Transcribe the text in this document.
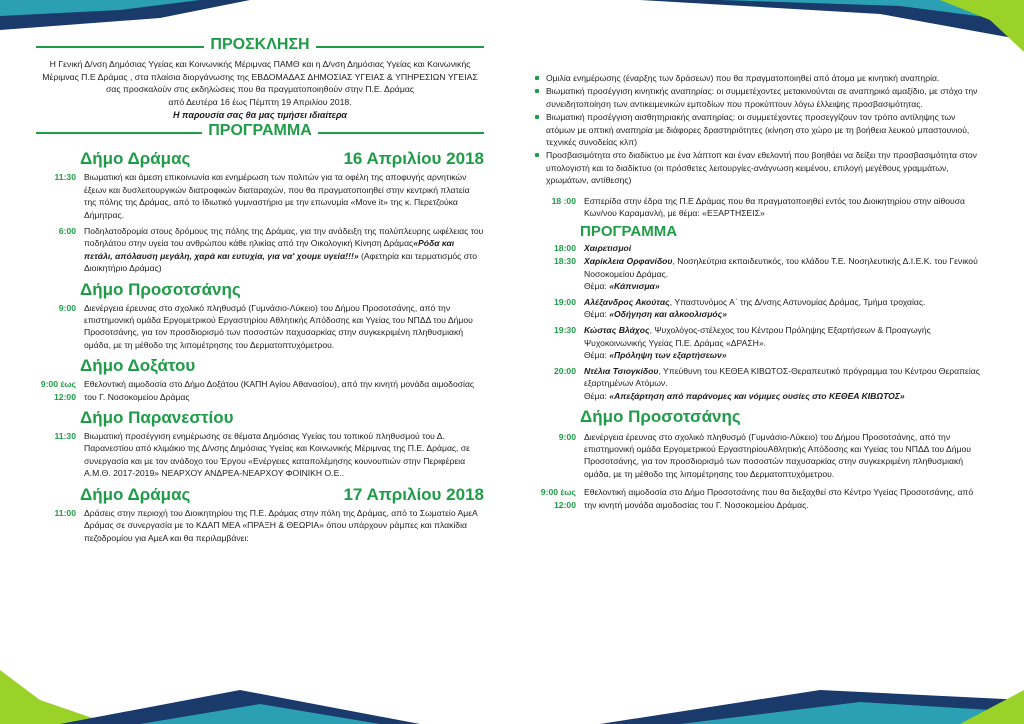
ΠΡΟΣΚΛΗΣΗ
Η Γενική Δ/νση Δημόσιας Υγείας και Κοινωνικής Μέριμνας ΠΑΜΘ και η Δ/νση Δημόσιας Υγείας και Κοινωνικής
Μέριμνας Π.Ε Δράμας , στα πλαίσια διοργάνωσης της ΕΒΔΟΜΑΔΑΣ ΔΗΜΟΣΙΑΣ ΥΓΕΙΑΣ & ΥΠΗΡΕΣΙΩΝ ΥΓΕΙΑΣ
σας προσκαλούν στις εκδηλώσεις που θα πραγματοποιηθούν στην Π.Ε. Δράμας
από Δευτέρα 16 έως Πέμπτη 19 Απριλίου 2018.
Η παρουσία σας θα μας τιμήσει ιδιαίτερα
ΠΡΟΓΡΑΜΜΑ
Δήμο Δράμας	16 Απριλίου 2018
11:30 Βιωματική και άμεση επικοινωνία και ενημέρωση των πολιτών για τα οφέλη της αποφυγής αρνητικών έξεων και δυσλειτουργικών διατροφικών διαταραχών, που θα πραγματοποιηθεί στην κεντρική πλατεία της πόλης της Δράμας, από το Ιδιωτικό γυμναστήριο με την επωνυμία «Move it» της κ. Περετζούκα Δήμητρας.
6:00 Ποδηλατοδρομία στους δρόμους της πόλης της Δράμας, για την ανάδειξη της πολύπλευρης ωφέλειας του ποδηλάτου στην υγεία του ανθρώπου κάθε ηλικίας από την Οικολογική Κίνηση Δράμας«Ρόδα και πετάλι, απόλαυση μεγάλη, χαρά και ευτυχία, για να' χουμε υγεία!!!» (Αφετηρία και τερματισμός στο Διοικητήριο Δράμας)
Δήμο Προσοτσάνης
9:00 Διενέργεια έρευνας στο σχολικό πληθυσμό (Γυμνάσιο-Λύκειο) του Δήμου Προσοτσάνης, από την επιστημονική ομάδα Εργομετρικού Εργαστηρίου Αθλητικής Απόδοσης και Υγείας του ΝΠΔΔ του Δήμου Προσοτσάνης, για τον προσδιορισμό των ποσοστών παχυσαρκίας στην συγκεκριμένη πληθυσμιακή ομάδα, με τη μέθοδο της λιπομέτρησης του Δερματοπτυχόμετρου.
Δήμο Δοξάτου
9:00 έως
12:00
Εθελοντική αιμοδοσία στο Δήμο Δοξάτου (ΚΑΠΗ Αγίου Αθανασίου), από την κινητή μονάδα αιμοδοσίας του Γ. Νοσοκομείου Δράμας
Δήμο Παρανεστίου
11:30 Βιωματική προσέγγιση ενημέρωσης σε θέματα Δημόσιας Υγείας του τοπικού πληθυσμού του Δ. Παρανεστίου από κλιμάκιο της Δ/νσης Δημόσιας Υγείας και Κοινωνικής Μέριμνας της Π.Ε. Δράμας, σε συνεργασία και με τον ανάδοχο του Έργου «Ενέργειες καταπολέμησης κουνουπιών στην Περιφέρεια Α.Μ.Θ. 2017-2019» ΝΕΑΡΧΟΥ ΑΝΔΡΕΑ-ΝΕΑΡΧΟΥ ΦΟΙΝΙΚΗ Ο.Ε..
Δήμο Δράμας	17 Απριλίου 2018
11:00 Δράσεις στην περιοχή του Διοικητηρίου της Π.Ε. Δράμας στην πόλη της Δράμας, από το Σωματείο ΑμεΑ Δράμας σε συνεργασία με το ΚΔΑΠ ΜΕΑ «ΠΡΑΞΗ & ΘΕΩΡΙΑ» όπου υπάρχουν ράμπες και πλακίδια πεζοδρομίου για ΑμεΑ και θα περιλαμβάνει:
Ομιλία ενημέρωσης (έναρξης των δράσεων) που θα πραγματοποιηθεί από άτομα με κινητική αναπηρία.
Βιωματική προσέγγιση κινητικής αναπηρίας: οι συμμετέχοντες μετακινούνται σε αναπηρικό αμαξίδιο, με στόχο την συνειδητοποίηση των αντικειμενικών εμποδίων που προκύπτουν λόγω έλλειψης προσβασιμότητας.
Βιωματική προσέγγιση αισθητηριακής αναπηρίας: οι συμμετέχοντες προσεγγίζουν τον τρόπο αντίληψης των ατόμων με οπτική αναπηρία με διάφορες δραστηριότητες (κίνηση στο χώρο με τη βοήθεια λευκού μπαστουνιού, τεχνικές συνοδείας κλπ)
Προσβασιμότητα στο διαδίκτυο με ένα λάπτοπ και έναν εθελοντή που βοηθάει να δείξει την προσβασιμότητα στον υπολογιστή και το διαδίκτυο (οι πρόσθετες λειτουργίες-ανάγνωση κειμένου, επιλογή μεγέθους γραμμάτων, χρωμάτων, αντίθεσης)
18 :00 Εσπερίδα στην έδρα της Π.Ε Δράμας που θα πραγματοποιηθεί εντός του Διοικητηρίου στην αίθουσα Κων/νου Καραμανλή, με θέμα: «ΕΞΑΡΤΗΣΕΙΣ»
ΠΡΟΓΡΑΜΜΑ
18:00 Χαιρετισμοί
18:30 Χαρίκλεια Ορφανίδου, Νοσηλεύτρια εκπαιδευτικός, του κλάδου Τ.Ε. Νοσηλευτικής Δ.Ι.Ε.Κ. του Γενικού Νοσοκομείου Δράμας.
Θέμα: «Κάπνισμα»
19:00 Αλέξανδρος Ακούτας, Υπαστυνόμος Α΄ της Δ/νσης Αστυνομίας Δράμας, Τμήμα τροχαίας.
Θέμα: «Οδήγηση και αλκοολισμός»
19:30 Κώστας Βλάχος, Ψυχολόγος-στέλεχος του Κέντρου Πρόληψης Εξαρτήσεων & Προαγωγής Ψυχοκοινωνικής Υγείας Π.Ε. Δράμας «ΔΡΑΣΗ».
Θέμα: «Πρόληψη των εξαρτήσεων»
20:00 Ντέλια Τσιογκίδου, Υπεύθυνη του ΚΕΘΕΑ ΚΙΒΩΤΟΣ-Θεραπευτικό πρόγραμμα του Κέντρου Θεραπείας εξαρτημένων Ατόμων.
Θέμα: «Απεξάρτηση από παράνομες και νόμιμες ουσίες στο ΚΕΘΕΑ ΚΙΒΩΤΟΣ»
Δήμο Προσοτσάνης
9:00 Διενέργεια έρευνας στο σχολικό πληθυσμό (Γυμνάσιο-Λύκειο) του Δήμου Προσοτσάνης, από την επιστημονική ομάδα Εργομετρικού ΕργαστηρίουΑθλητικής Απόδοσης και Υγείας του ΝΠΔΔ του Δήμου Προσοτσάνης, για τον προσδιορισμό των ποσοστών παχυσαρκίας στην συγκεκριμένη πληθυσμιακή ομάδα, με τη μέθοδο της λιπομέτρησης του Δερματοπτυχόμετρου.
9:00 έως
12:00
Εθελοντική αιμοδοσία στο Δήμο Προσοτσάνης που θα διεξαχθεί στο Κέντρο Υγείας Προσοτσάνης, από την κινητή μονάδα αιμοδοσίας του Γ. Νοσοκομείου Δράμας.
